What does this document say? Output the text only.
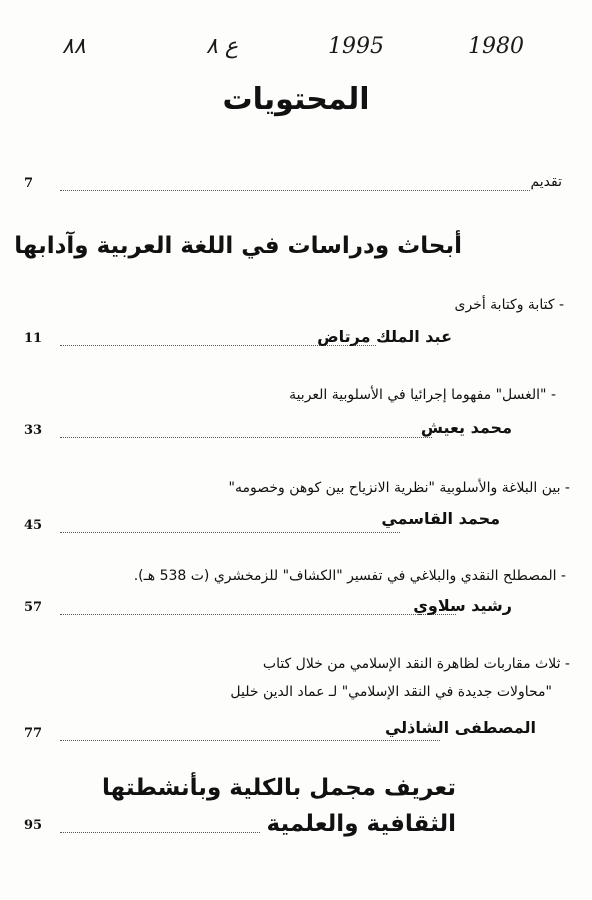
٨٨	ع ٨	1995	1980
المحتويات
7	تقديم
أبحاث ودراسات في اللغة العربية وآدابها
- كتابة وكتابة أخرى
11	عبد الملك مرتاض
- "الغسل" مفهوما إجرائيا في الأسلوبية العربية
33	محمد يعيش
- بين البلاغة والأسلوبية "نظرية الانزياح بين كوهن وخصومه"
45	محمد القاسمي
- المصطلح النقدي والبلاغي في تفسير "الكشاف" للزمخشري (ت 538 هـ).
57	رشيد سلاوي
- ثلاث مقاربات لظاهرة النقد الإسلامي من خلال كتاب
"محاولات جديدة في النقد الإسلامي" لـ عماد الدين خليل
77	المصطفى الشاذلي
تعريف مجمل بالكلية وبأنشطتها
95	الثقافية والعلمية
